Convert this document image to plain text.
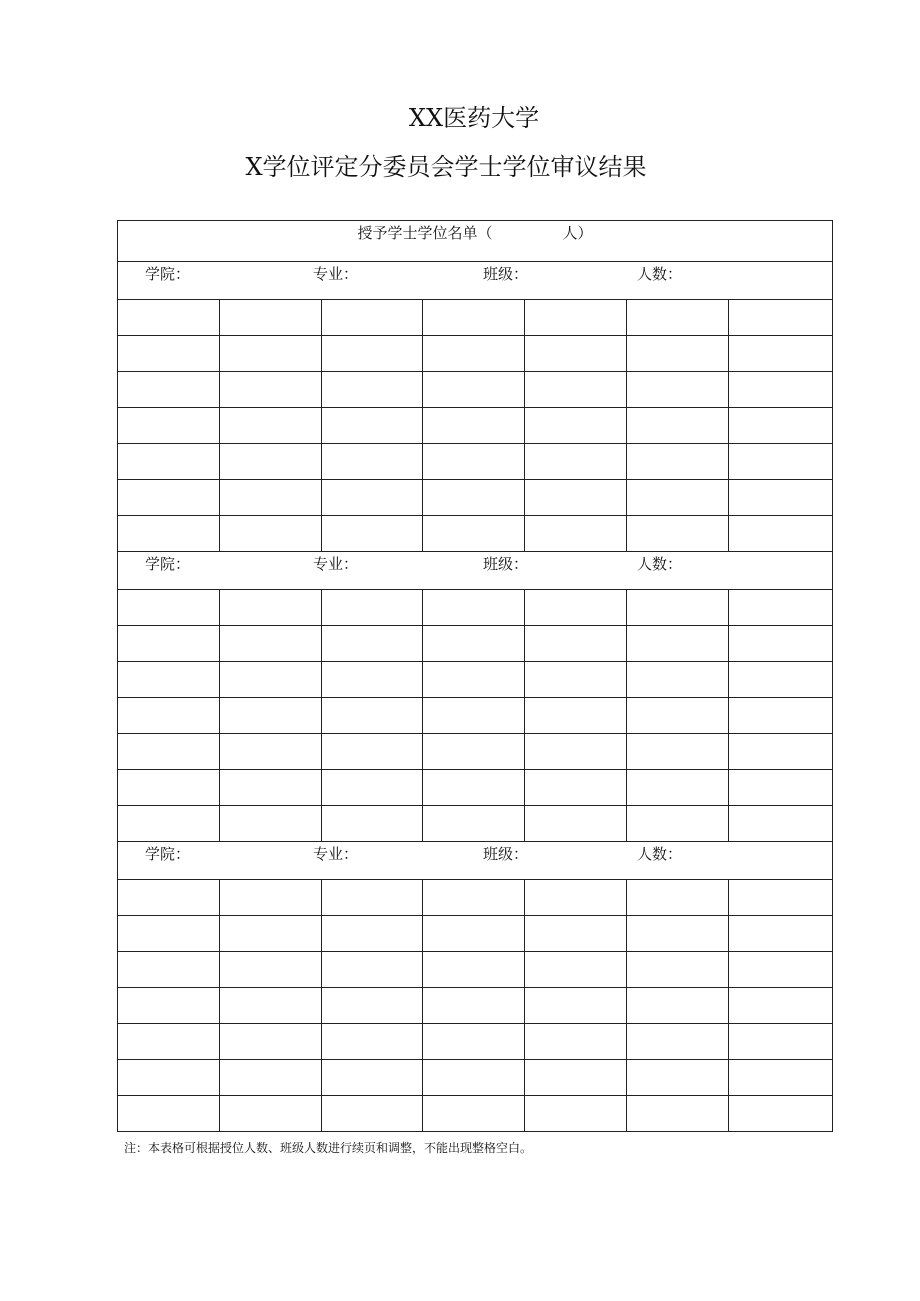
XX医药大学
X学位评定分委员会学士学位审议结果
授予学士学位名单（ 人）						

学院： 专业： 班级： 人数：						

学院： 专业： 班级： 人数：						

学院： 专业： 班级： 人数：						

注：本表格可根据授位人数、班级人数进行续页和调整，不能出现整格空白。
